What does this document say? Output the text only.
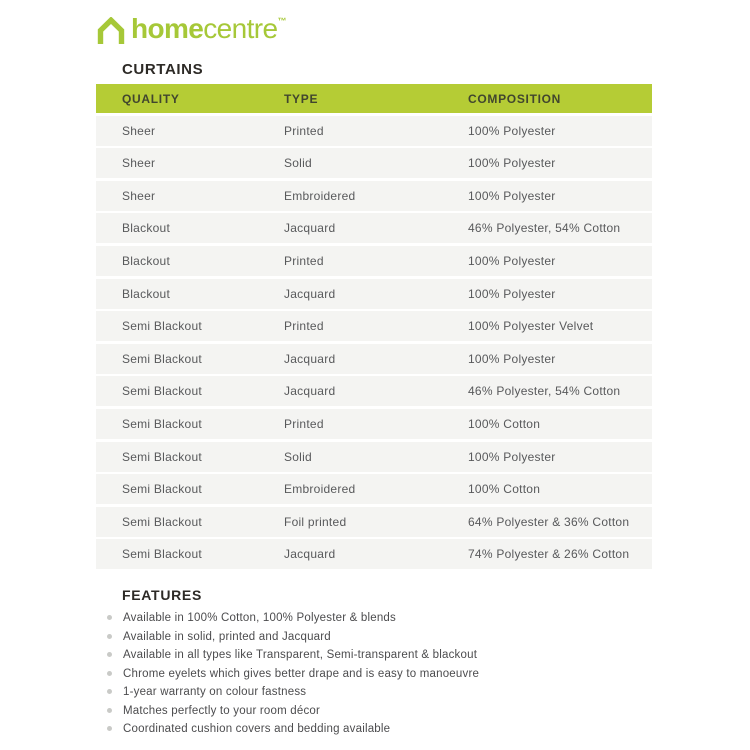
homecentre™
CURTAINS
QUALITY	TYPE	COMPOSITION
Sheer	Printed	100% Polyester
Sheer	Solid	100% Polyester
Sheer	Embroidered	100% Polyester
Blackout	Jacquard	46% Polyester, 54% Cotton
Blackout	Printed	100% Polyester
Blackout	Jacquard	100% Polyester
Semi Blackout	Printed	100% Polyester Velvet
Semi Blackout	Jacquard	100% Polyester
Semi Blackout	Jacquard	46% Polyester, 54% Cotton
Semi Blackout	Printed	100% Cotton
Semi Blackout	Solid	100% Polyester
Semi Blackout	Embroidered	100% Cotton
Semi Blackout	Foil printed	64% Polyester & 36% Cotton
Semi Blackout	Jacquard	74% Polyester & 26% Cotton
FEATURES
Available in 100% Cotton, 100% Polyester & blends
Available in solid, printed and Jacquard
Available in all types like Transparent, Semi-transparent & blackout
Chrome eyelets which gives better drape and is easy to manoeuvre
1-year warranty on colour fastness
Matches perfectly to your room décor
Coordinated cushion covers and bedding available
